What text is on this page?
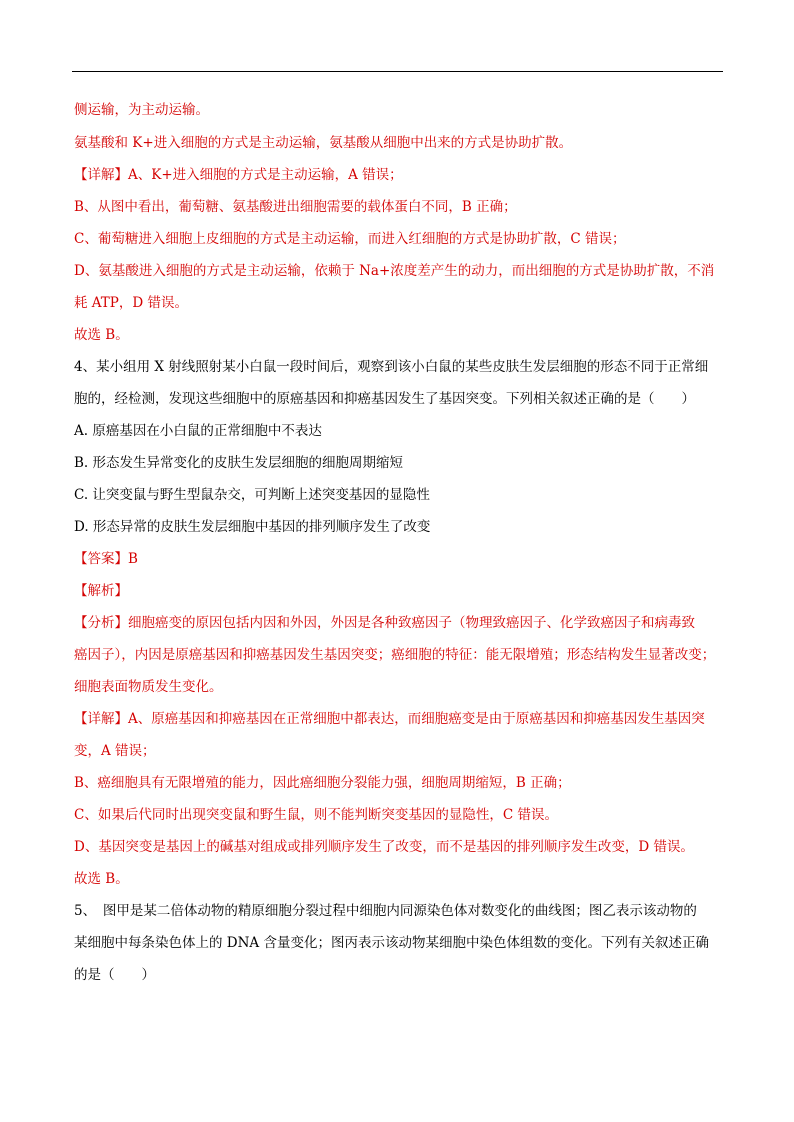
侧运输，为主动运输。
氨基酸和 K+进入细胞的方式是主动运输，氨基酸从细胞中出来的方式是协助扩散。
【详解】A、K+进入细胞的方式是主动运输，A 错误；
B、从图中看出，葡萄糖、氨基酸进出细胞需要的载体蛋白不同，B 正确；
C、葡萄糖进入细胞上皮细胞的方式是主动运输，而进入红细胞的方式是协助扩散，C 错误；
D、氨基酸进入细胞的方式是主动运输，依赖于 Na+浓度差产生的动力，而出细胞的方式是协助扩散，不消
耗 ATP，D 错误。
故选 B。
4、某小组用 X 射线照射某小白鼠一段时间后，观察到该小白鼠的某些皮肤生发层细胞的形态不同于正常细
胞的，经检测，发现这些细胞中的原癌基因和抑癌基因发生了基因突变。下列相关叙述正确的是（　　）
A. 原癌基因在小白鼠的正常细胞中不表达
B. 形态发生异常变化的皮肤生发层细胞的细胞周期缩短
C. 让突变鼠与野生型鼠杂交，可判断上述突变基因的显隐性
D. 形态异常的皮肤生发层细胞中基因的排列顺序发生了改变
【答案】B
【解析】
【分析】细胞癌变的原因包括内因和外因，外因是各种致癌因子（物理致癌因子、化学致癌因子和病毒致
癌因子），内因是原癌基因和抑癌基因发生基因突变；癌细胞的特征：能无限增殖；形态结构发生显著改变；
细胞表面物质发生变化。
【详解】A、原癌基因和抑癌基因在正常细胞中都表达，而细胞癌变是由于原癌基因和抑癌基因发生基因突
变，A 错误；
B、癌细胞具有无限增殖的能力，因此癌细胞分裂能力强，细胞周期缩短，B 正确；
C、如果后代同时出现突变鼠和野生鼠，则不能判断突变基因的显隐性，C 错误。
D、基因突变是基因上的碱基对组成或排列顺序发生了改变，而不是基因的排列顺序发生改变，D 错误。
故选 B。
5、　图甲是某二倍体动物的精原细胞分裂过程中细胞内同源染色体对数变化的曲线图；图乙表示该动物的
某细胞中每条染色体上的 DNA 含量变化；图丙表示该动物某细胞中染色体组数的变化。下列有关叙述正确
的是（　　）
